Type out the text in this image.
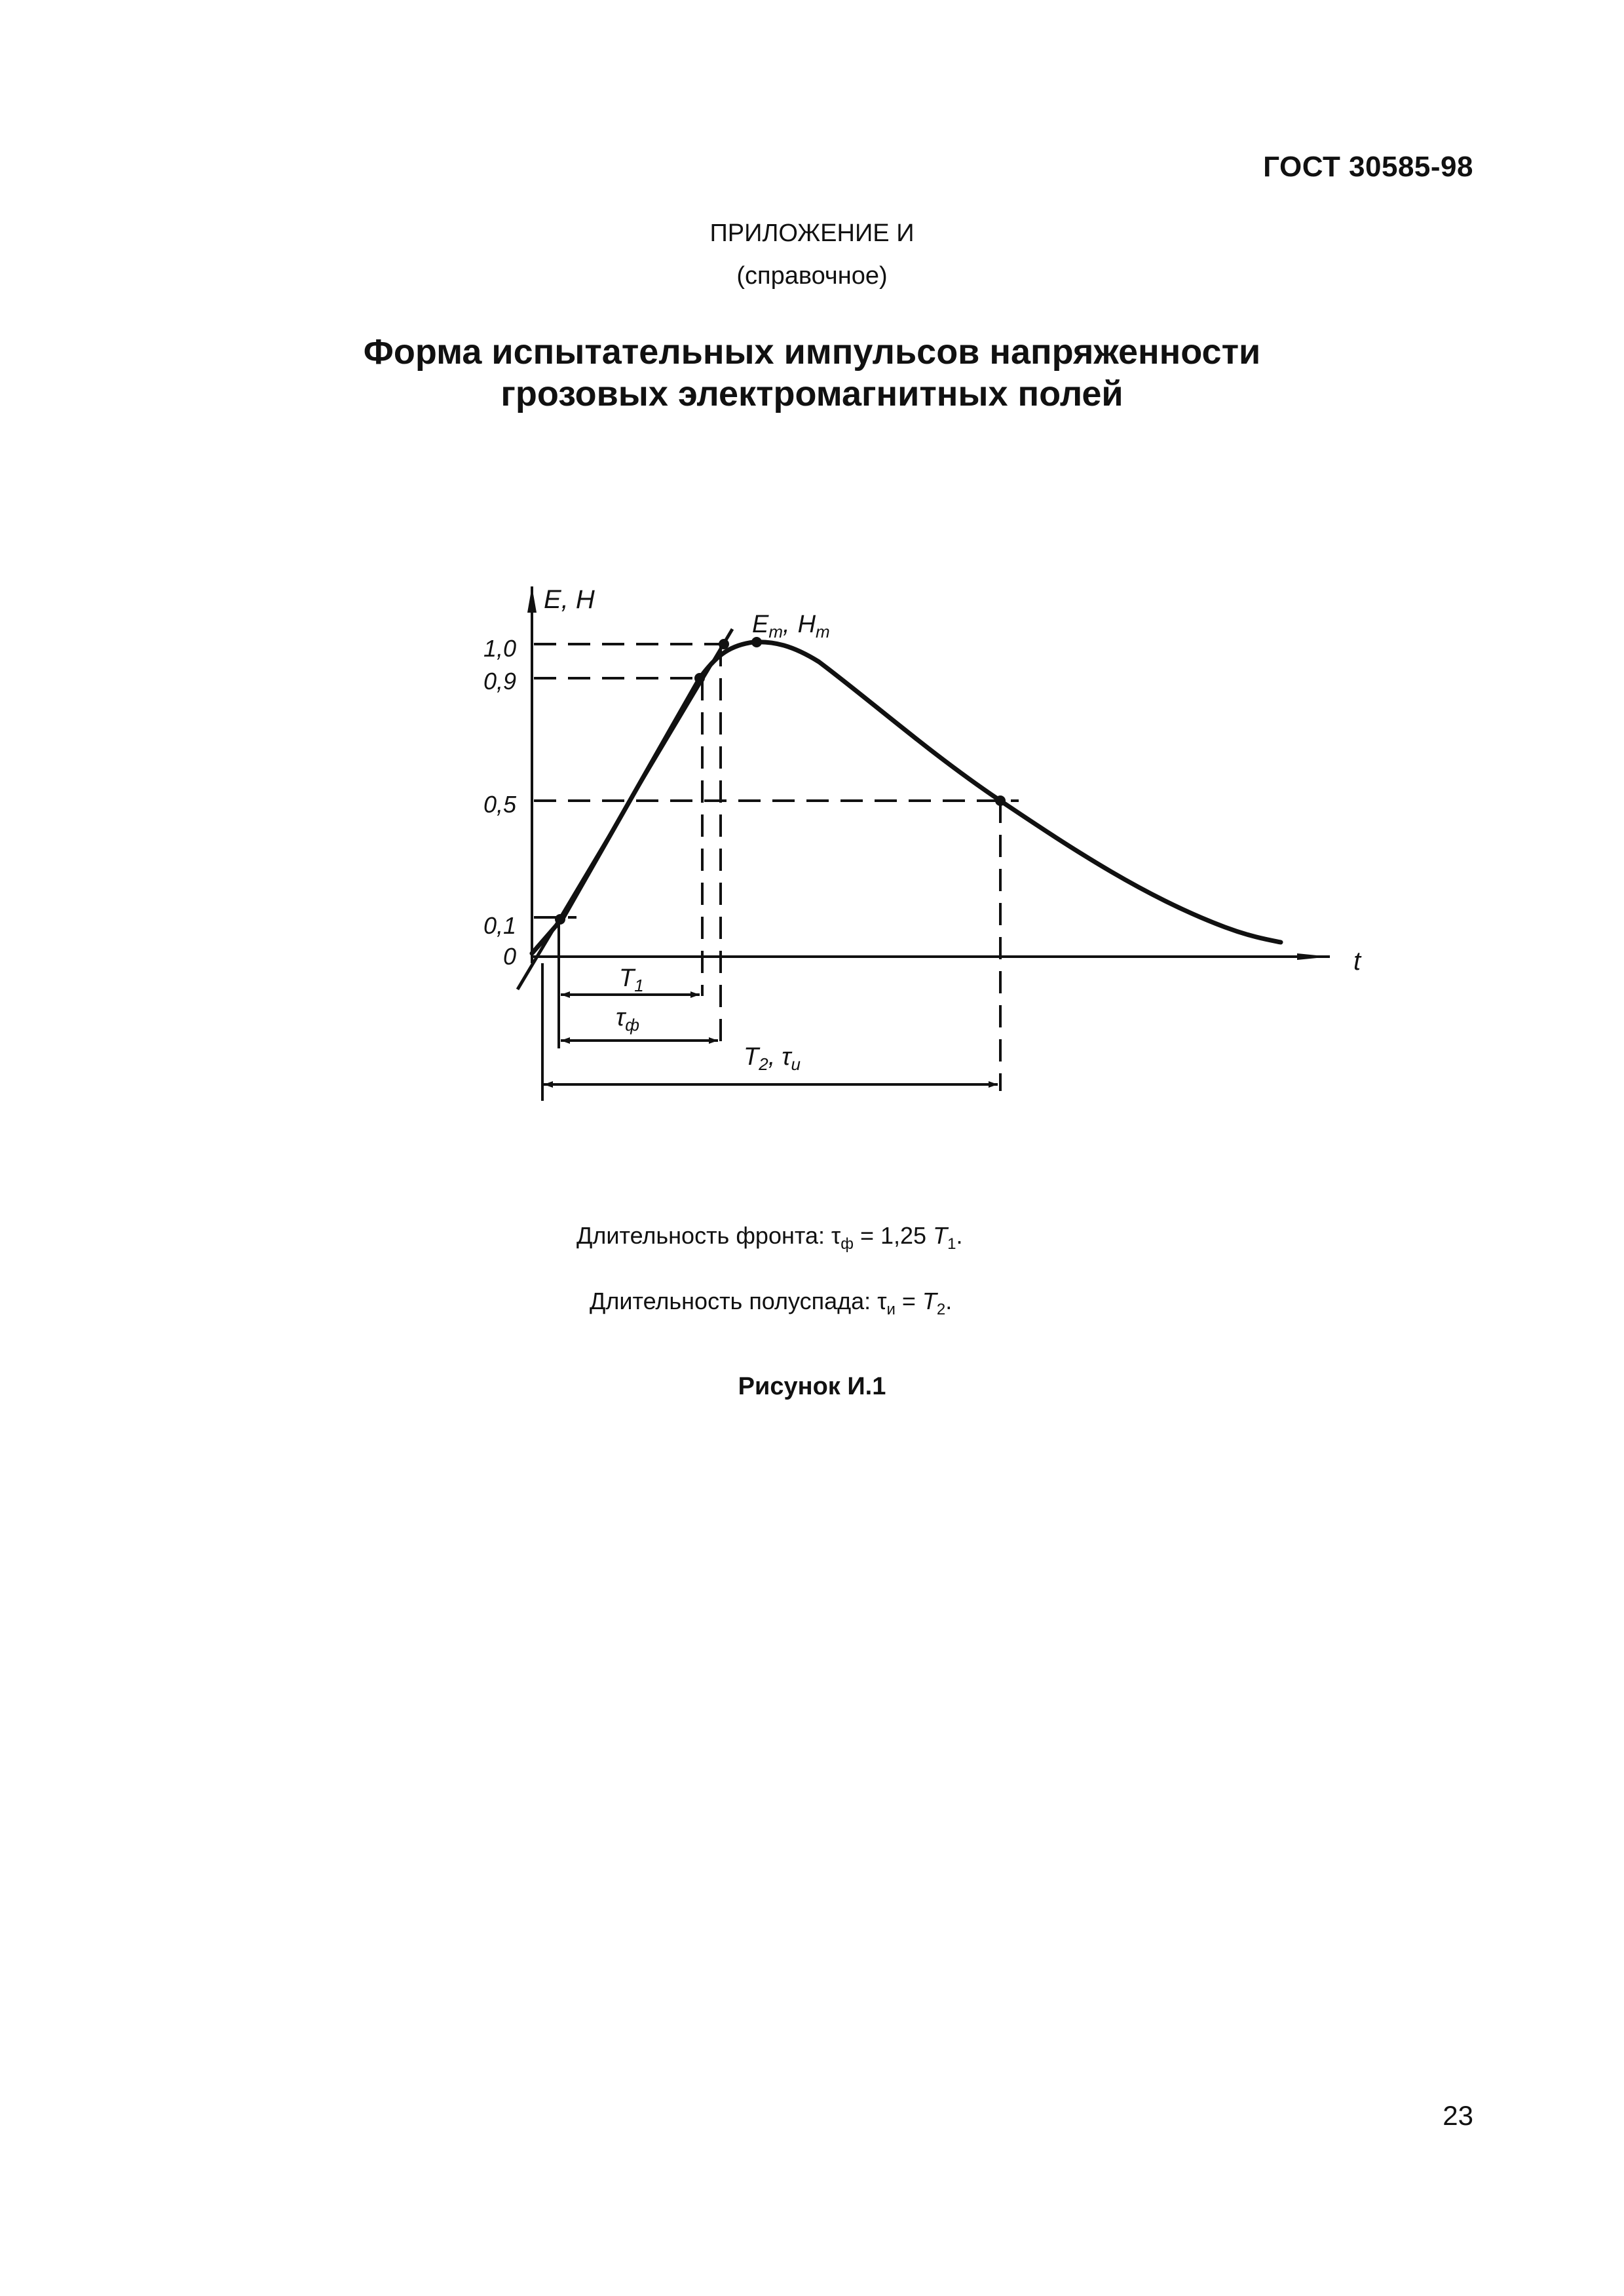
ГОСТ 30585-98
ПРИЛОЖЕНИЕ И
(справочное)
Форма испытательных импульсов напряженности
грозовых электромагнитных полей
E, H
t
1,0
0,9
0,5
0,1
0
$E_m$, $H_m$
$T_1$
$\tau_ф$
$T_2$, $\tau_и$
Длительность фронта: $\tau_ф = 1,25$ $T_1$.
Длительность полуспада: $\tau_и = T_2$.
Рисунок И.1
23
